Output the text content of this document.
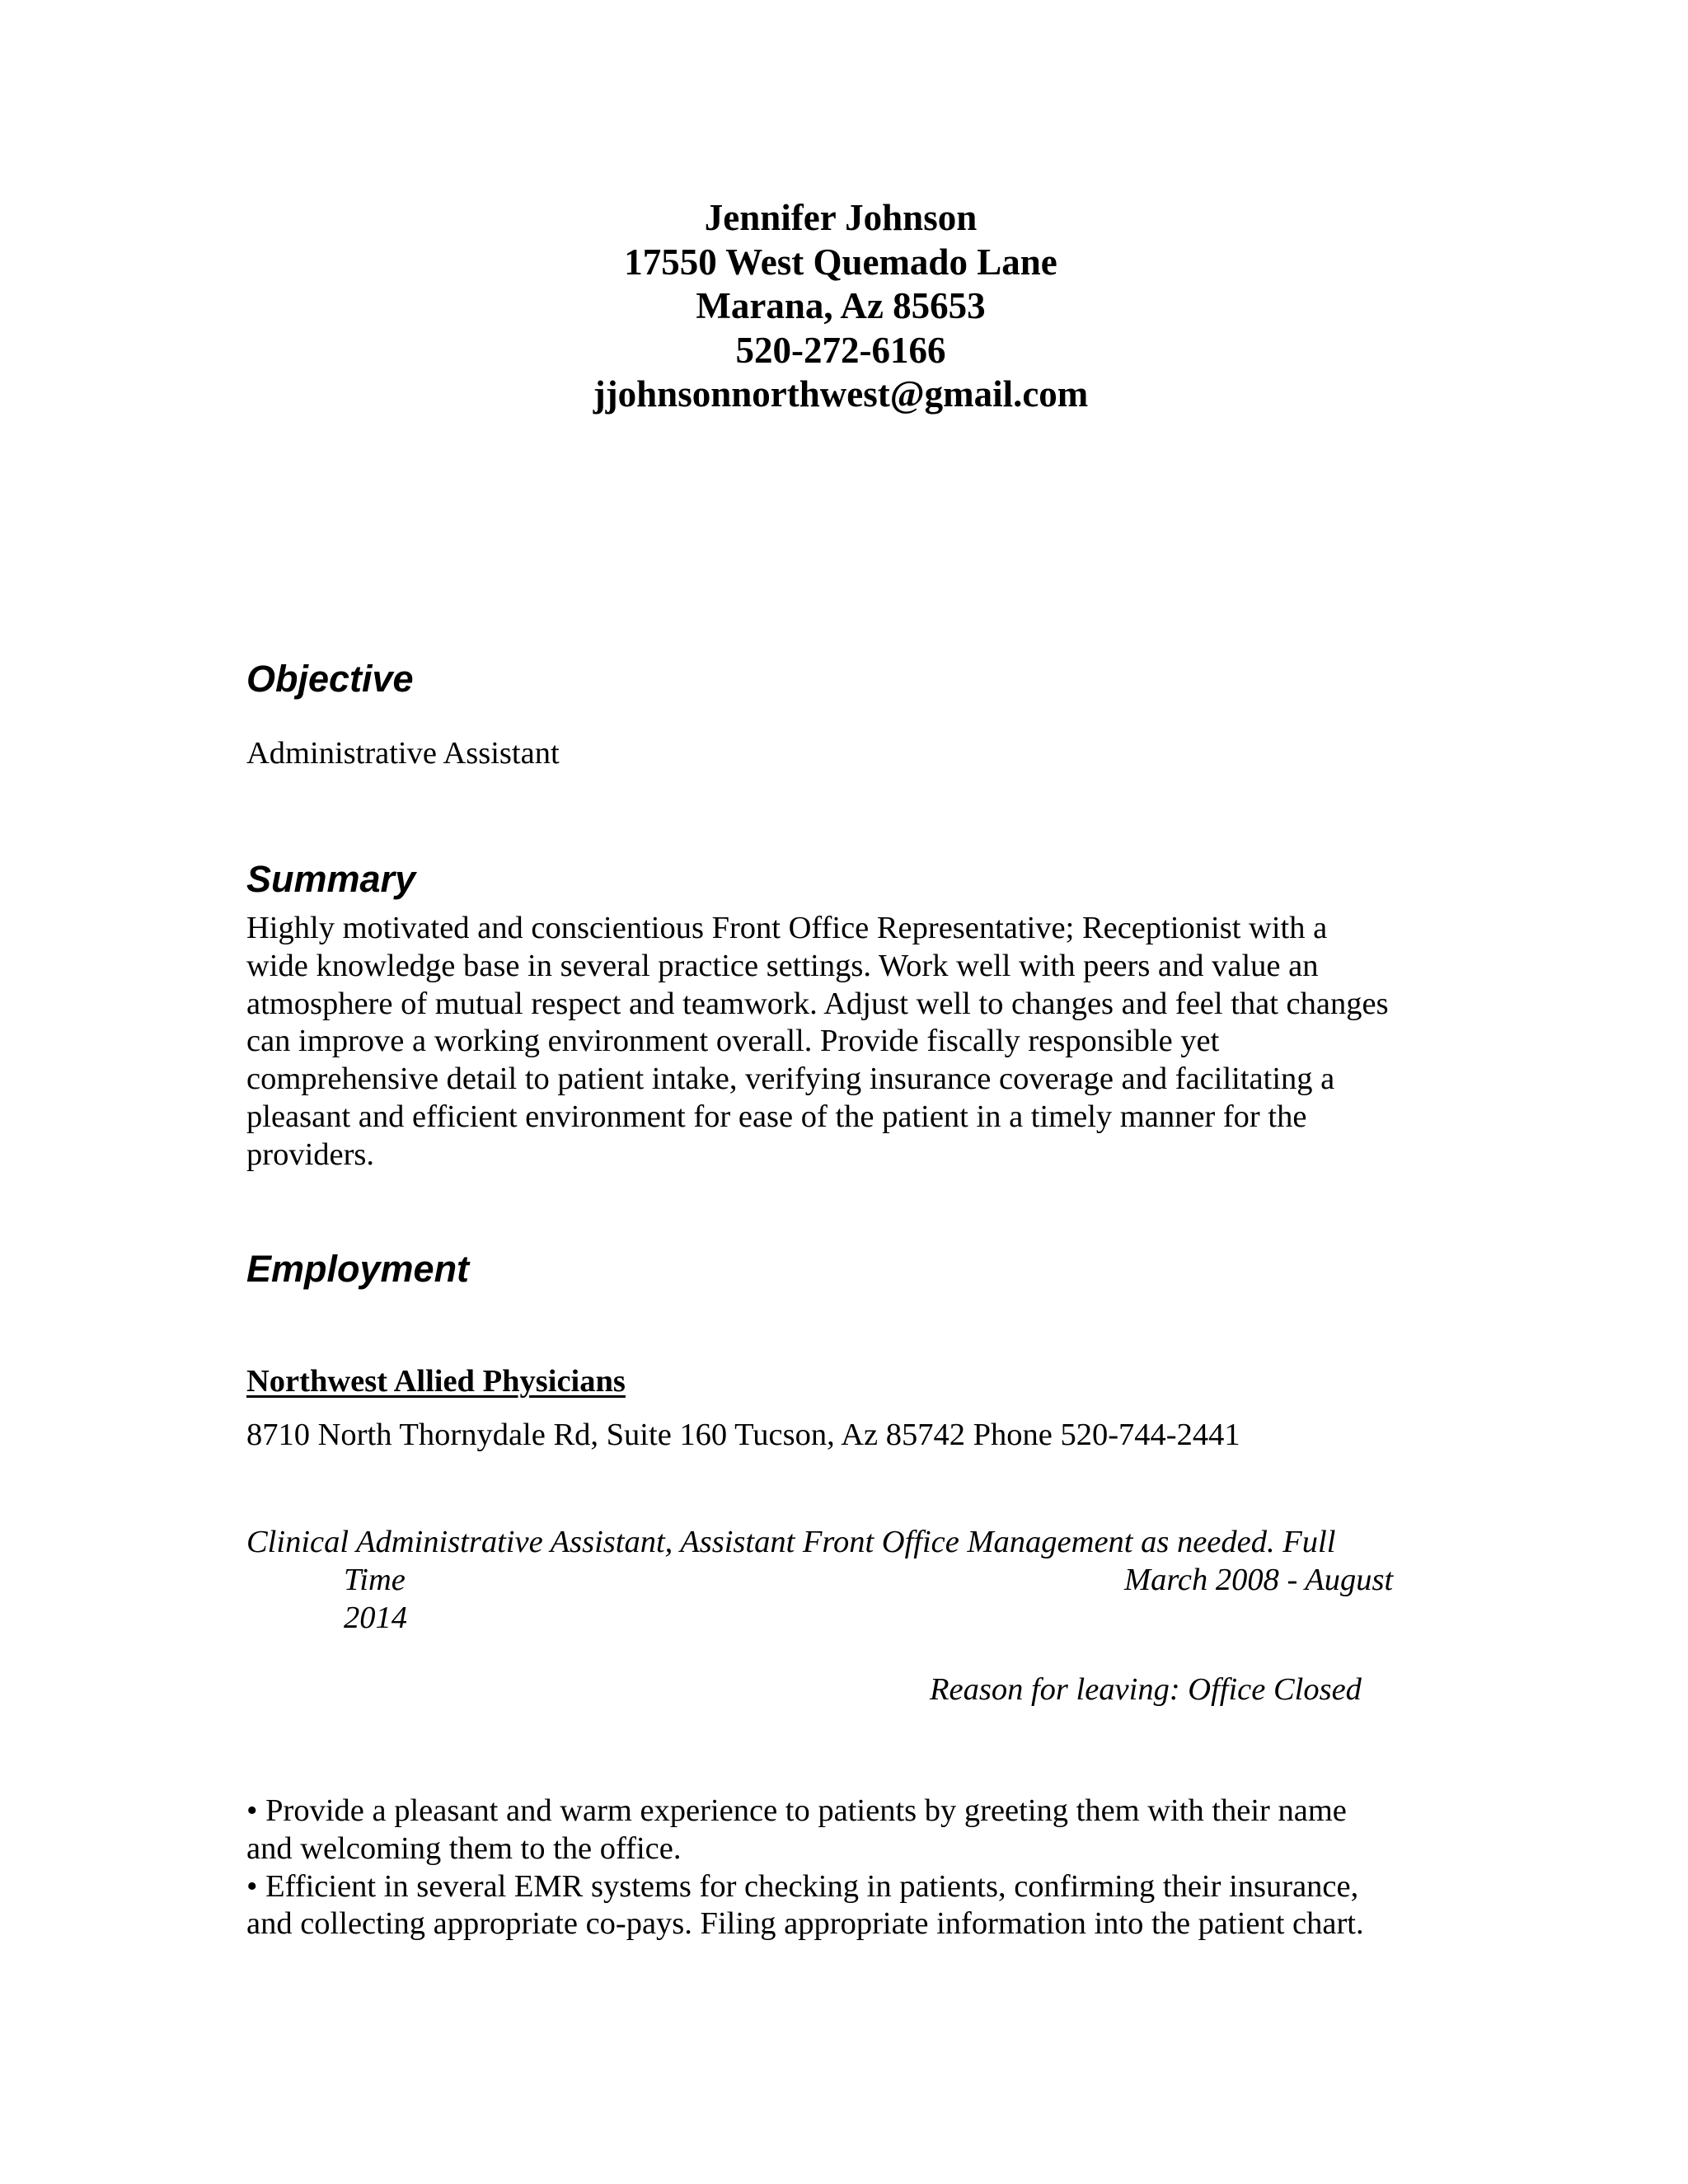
Jennifer Johnson
17550 West Quemado Lane
Marana, Az 85653
520-272-6166
jjohnsonnorthwest@gmail.com
Objective
Administrative Assistant
Summary
Highly motivated and conscientious Front Office Representative; Receptionist with a
wide knowledge base in several practice settings. Work well with peers and value an
atmosphere of mutual respect and teamwork. Adjust well to changes and feel that changes
can improve a working environment overall. Provide fiscally responsible yet
comprehensive detail to patient intake, verifying insurance coverage and facilitating a
pleasant and efficient environment for ease of the patient in a timely manner for the
providers.
Employment
Northwest Allied Physicians
8710 North Thornydale Rd, Suite 160 Tucson, Az 85742 Phone 520-744-2441
Clinical Administrative Assistant, Assistant Front Office Management as needed. Full
Time	March 2008 - August
2014
Reason for leaving: Office Closed
• Provide a pleasant and warm experience to patients by greeting them with their name
and welcoming them to the office.
• Efficient in several EMR systems for checking in patients, confirming their insurance,
and collecting appropriate co-pays. Filing appropriate information into the patient chart.
